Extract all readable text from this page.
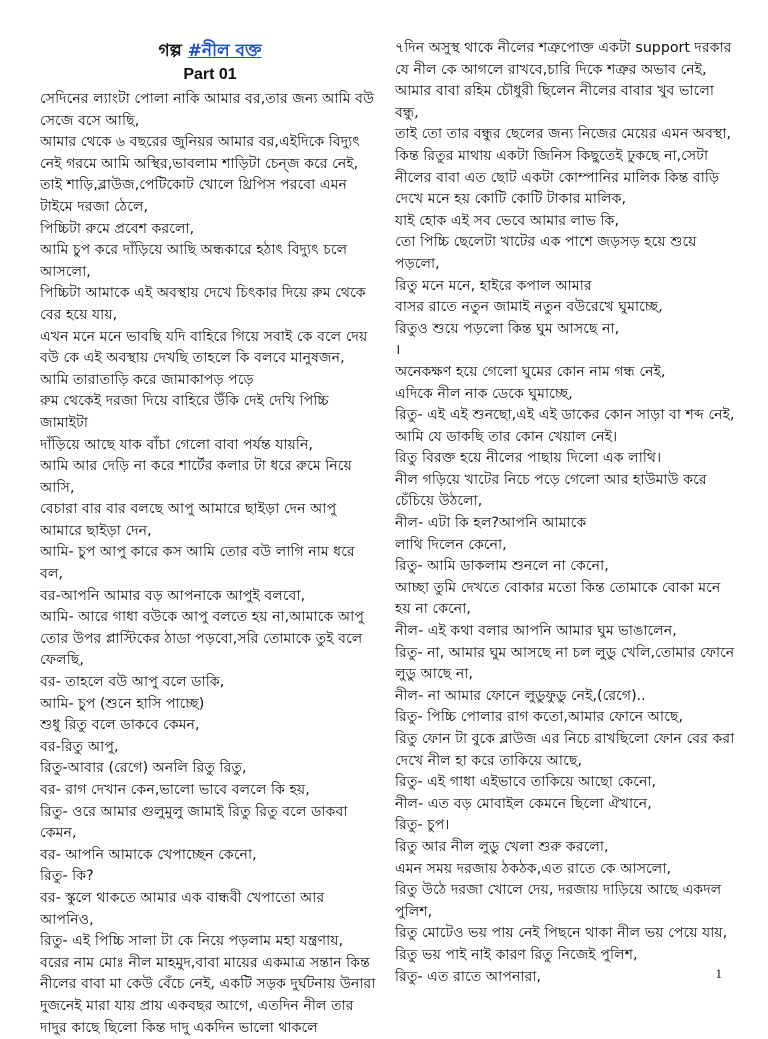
গল্প #নীল বক্ত
Part 01
সেদিনের ল্যাংটা পোলা নাকি আমার বর,তার জন্য আমি বউ সেজে বসে আছি,
আমার থেকে ৬ বছরের জুনিয়র আমার বর,এইদিকে বিদ্যুৎ নেই গরমে আমি অস্থির,ভাবলাম শাড়িটা চেন্জ করে নেই, তাই শাড়ি,ব্লাউজ,পেটিকোট খোলে থ্রিপিস পরবো এমন টাইমে দরজা ঠেলে,
পিচ্চিটা রুমে প্রবেশ করলো,
আমি চুপ করে দাঁড়িয়ে আছি অন্ধকারে হঠাৎ বিদ্যুৎ চলে আসলো,
পিচ্চিটা আমাকে এই অবস্থায় দেখে চিৎকার দিয়ে রুম থেকে বের হয়ে যায়,
এখন মনে মনে ভাবছি যদি বাহিরে গিয়ে সবাই কে বলে দেয় বউ কে এই অবস্থায় দেখছি তাহলে কি বলবে মানুষজন,
আমি তারাতাড়ি করে জামাকাপড় পড়ে
রুম থেকেই দরজা দিয়ে বাহিরে উঁকি দেই দেখি পিচ্চি জামাইটা
দাঁড়িয়ে আছে যাক বাঁচা গেলো বাবা পর্যন্ত যায়নি,
আমি আর দেড়ি না করে শার্টের কলার টা ধরে রুমে নিয়ে আসি,
বেচারা বার বার বলছে আপু আমারে ছাইড়া দেন আপু আমারে ছাইড়া দেন,
আমি- চুপ আপু কারে কস আমি তোর বউ লাগি নাম ধরে বল,
বর-আপনি আমার বড় আপনাকে আপুই বলবো,
আমি- আরে গাধা বউকে আপু বলতে হয় না,আমাকে আপু তোর উপর প্লাস্টিকের ঠাডা পড়বো,সরি তোমাকে তুই বলে ফেলছি,
বর- তাহলে বউ আপু বলে ডাকি,
আমি- চুপ (শুনে হাসি পাচ্ছে)
শুধু রিতু বলে ডাকবে কেমন,
বর-রিতু আপু,
রিতু-আবার (রেগে) অনলি রিতু রিতু,
বর- রাগ দেখান কেন,ভালো ভাবে বললে কি হয়,
রিতু- ওরে আমার গুলুমুলু জামাই রিতু রিতু বলে ডাকবা কেমন,
বর- আপনি আমাকে খেপাচ্ছেন কেনো,
রিতু- কি?
বর- স্কুলে থাকতে আমার এক বান্ধবী খেপাতো আর আপনিও,
রিতু- এই পিচ্চি সালা টা কে নিয়ে পড়লাম মহা যন্ত্রণায়,
বরের নাম মোঃ নীল মাহমুদ,বাবা মায়ের একমাত্র সন্তান কিন্ত নীলের বাবা মা কেউ বেঁচে নেই, একটি সড়ক দুর্ঘটনায় উনারা দুজনেই মারা যায় প্রায় একবছর আগে, এতদিন নীল তার দাদুর কাছে ছিলো কিন্ত দাদু একদিন ভালো থাকলে
৭দিন অসুস্থ থাকে নীলের শত্রুপোক্ত একটা support দরকার যে নীল কে আগলে রাখবে,চারি দিকে শত্রুর অভাব নেই,
আমার বাবা রহিম চৌধুরী ছিলেন নীলের বাবার খুব ভালো বন্ধু,
তাই তো তার বন্ধুর ছেলের জন্য নিজের মেয়ের এমন অবস্থা,
কিন্ত রিতুর মাথায় একটা জিনিস কিছুতেই ঢুকছে না,সেটা নীলের বাবা এত ছোট একটা কোম্পানির মালিক কিন্ত বাড়ি দেখে মনে হয় কোটি কোটি টাকার মালিক,
যাই হোক এই সব ভেবে আমার লাভ কি,
তো পিচ্চি ছেলেটা খাটের এক পাশে জড়সড় হয়ে শুয়ে পড়লো,
রিতু মনে মনে, হাইরে কপাল আমার
বাসর রাতে নতুন জামাই নতুন বউরেখে ঘুমাচ্ছে,
রিতুও শুয়ে পড়লো কিন্ত ঘুম আসছে না,
।
অনেকক্ষণ হয়ে গেলো ঘুমের কোন নাম গন্ধ নেই,
এদিকে নীল নাক ডেকে ঘুমাচ্ছে,
রিতু- এই এই শুনছো,এই এই ডাকের কোন সাড়া বা শব্দ নেই,
আমি যে ডাকছি তার কোন খেয়াল নেই।
রিতু বিরক্ত হয়ে নীলের পাছায় দিলো এক লাথি।
নীল গড়িয়ে খাটের নিচে পড়ে গেলো আর হাউমাউ করে চেঁচিয়ে উঠলো,
নীল- এটা কি হল?আপনি আমাকে
লাথি দিলেন কেনো,
রিতু- আমি ডাকলাম শুনলে না কেনো,
আচ্ছা তুমি দেখতে বোকার মতো কিন্ত তোমাকে বোকা মনে হয় না কেনো,
নীল- এই কথা বলার আপনি আমার ঘুম ভাঙালেন,
রিতু- না, আমার ঘুম আসছে না চল লুডু খেলি,তোমার ফোনে লুডু আছে না,
নীল- না আমার ফোনে লুডুফুডু নেই,(রেগে)..
রিতু- পিচ্চি পোলার রাগ কতো,আমার ফোনে আছে,
রিতু ফোন টা বুকে ব্লাউজ এর নিচে রাখছিলো ফোন বের করা দেখে নীল হা করে তাকিয়ে আছে,
রিতু- এই গাধা এইভাবে তাকিয়ে আছো কেনো,
নীল- এত বড় মোবাইল কেমনে ছিলো ঐখানে,
রিতু- চুপ।
রিতু আর নীল লুডু খেলা শুরু করলো,
এমন সময় দরজায় ঠকঠক,এত রাতে কে আসলো,
রিতু উঠে দরজা খোলে দেয়, দরজায় দাড়িয়ে আছে একদল পুলিশ,
রিতু মোটেও ভয় পায় নেই পিছনে থাকা নীল ভয় পেয়ে যায়,
রিতু ভয় পাই নাই কারণ রিতু নিজেই পুলিশ,
রিতু- এত রাতে আপনারা,	1
